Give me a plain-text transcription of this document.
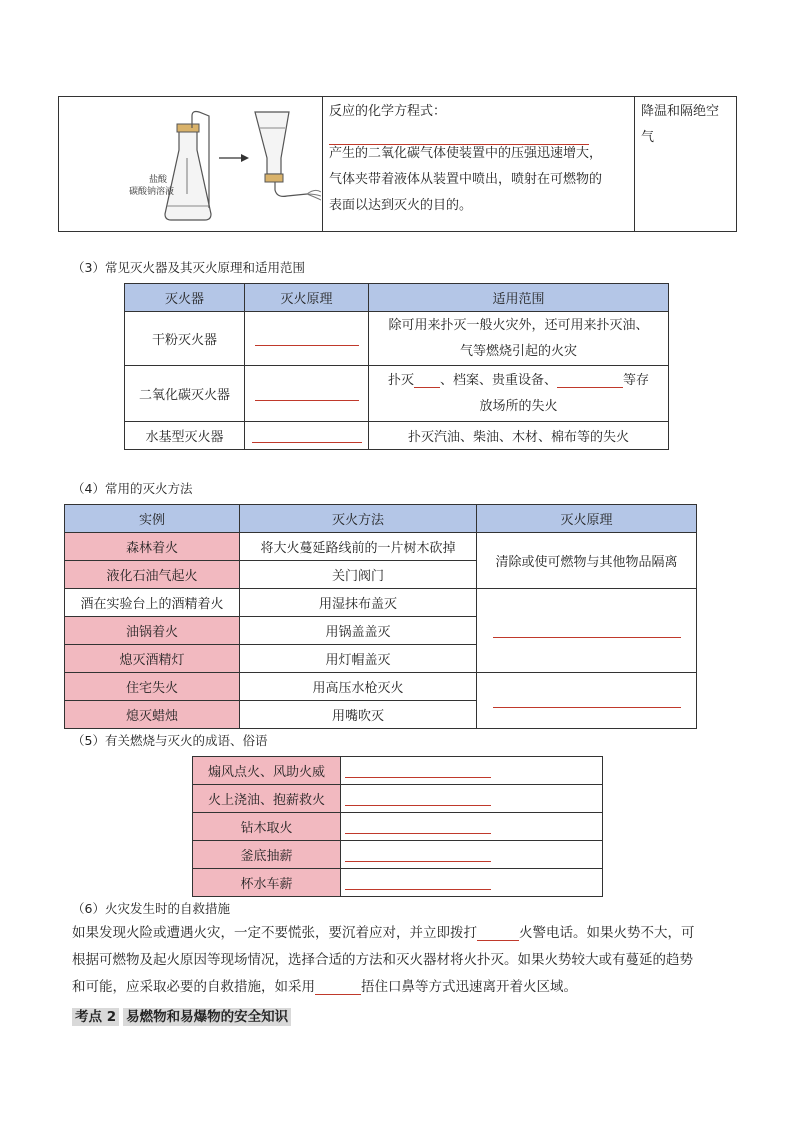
盐酸
碳酸钠溶液

反应的化学方程式：
产生的二氧化碳气体使装置中的压强迅速增大，
气体夹带着液体从装置中喷出，喷射在可燃物的
表面以达到灭火的目的。

降温和隔绝空
气
（3）常见灭火器及其灭火原理和适用范围
灭火器	灭火原理	适用范围
干粉灭火器		除可用来扑灭一般火灾外，还可用来扑灭油、
气等燃烧引起的火灾

二氧化碳灭火器		扑灭 、档案、贵重设备、 等存
放场所的失火

水基型灭火器		扑灭汽油、柴油、木材、棉布等的失火
（4）常用的灭火方法
实例	灭火方法	灭火原理
森林着火	将大火蔓延路线前的一片树木砍掉	清除或使可燃物与其他物品隔离
液化石油气起火	关门阀门	
酒在实验台上的酒精着火	用湿抹布盖灭	
油锅着火	用锅盖盖灭	
熄灭酒精灯	用灯帽盖灭	
住宅失火	用高压水枪灭火	
熄灭蜡烛	用嘴吹灭	
（5）有关燃烧与灭火的成语、俗语
煽风点火、风助火威	
火上浇油、抱薪救火	
钻木取火	
釜底抽薪	
杯水车薪	
（6）火灾发生时的自救措施
如果发现火险或遭遇火灾，一定不要慌张，要沉着应对，并立即拨打	火警电话。如果火势不大，可
根据可燃物及起火原因等现场情况，选择合适的方法和灭火器材将火扑灭。如果火势较大或有蔓延的趋势
和可能，应采取必要的自救措施，如采用	捂住口鼻等方式迅速离开着火区域。
考点 2 易燃物和易爆物的安全知识
